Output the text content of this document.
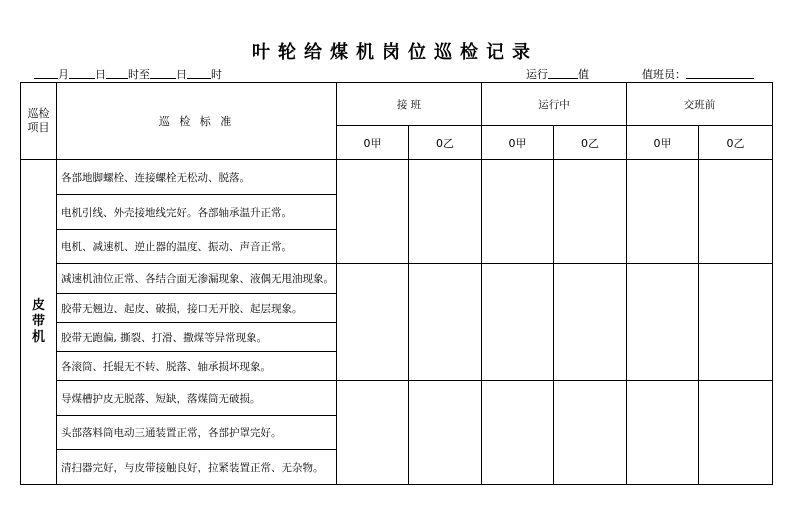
叶轮给煤机岗位巡检记录
月 日 时至 日 时	运行	值	值班员：
巡检
项目	巡 检 标 准	接 班		运行中		交班前	
		0甲	0乙	0甲	0乙	0甲	0乙
皮
带
机	各部地脚螺栓、连接螺栓无松动、脱落。						
	电机引线、外壳接地线完好。各部轴承温升正常。						
	电机、减速机、逆止器的温度、振动、声音正常。						
	减速机油位正常、各结合面无渗漏现象、液偶无甩油现象。						
	胶带无翘边、起皮、破损，接口无开胶、起层现象。						
	胶带无跑偏, 撕裂、打滑、撒煤等异常现象。						
	各滚筒、托辊无不转、脱落、轴承损坏现象。						
	导煤槽护皮无脱落、短缺，落煤筒无破损。						
	头部落料筒电动三通装置正常，各部护罩完好。						
	清扫器完好，与皮带接触良好，拉紧装置正常、无杂物。						
